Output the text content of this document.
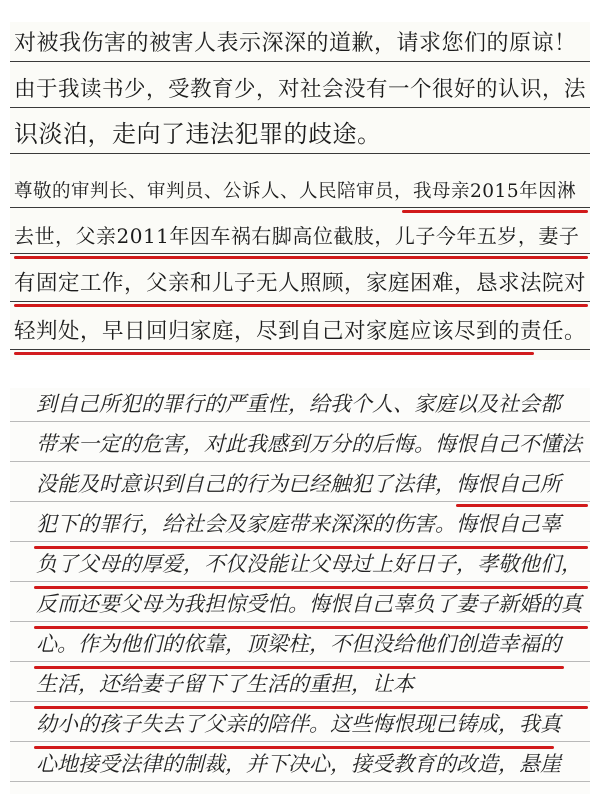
对被我伤害的被害人表示深深的道歉，请求您们的原谅！
由于我读书少，受教育少，对社会没有一个很好的认识，法
识淡泊，走向了违法犯罪的歧途。
尊敬的审判长、审判员、公诉人、人民陪审员，我母亲2015年因淋
去世，父亲2011年因车祸右脚高位截肢，儿子今年五岁，妻子
有固定工作，父亲和儿子无人照顾，家庭困难，恳求法院对
轻判处，早日回归家庭，尽到自己对家庭应该尽到的责任。
到自己所犯的罪行的严重性，给我个人、家庭以及社会都
带来一定的危害，对此我感到万分的后悔。悔恨自己不懂法
没能及时意识到自己的行为已经触犯了法律，悔恨自己所
犯下的罪行，给社会及家庭带来深深的伤害。悔恨自己辜
负了父母的厚爱，不仅没能让父母过上好日子，孝敬他们，
反而还要父母为我担惊受怕。悔恨自己辜负了妻子新婚的真
心。作为他们的依靠，顶梁柱，不但没给他们创造幸福的
生活，还给妻子留下了生活的重担，让本
幼小的孩子失去了父亲的陪伴。这些悔恨现已铸成，我真
心地接受法律的制裁，并下决心，接受教育的改造，悬崖
